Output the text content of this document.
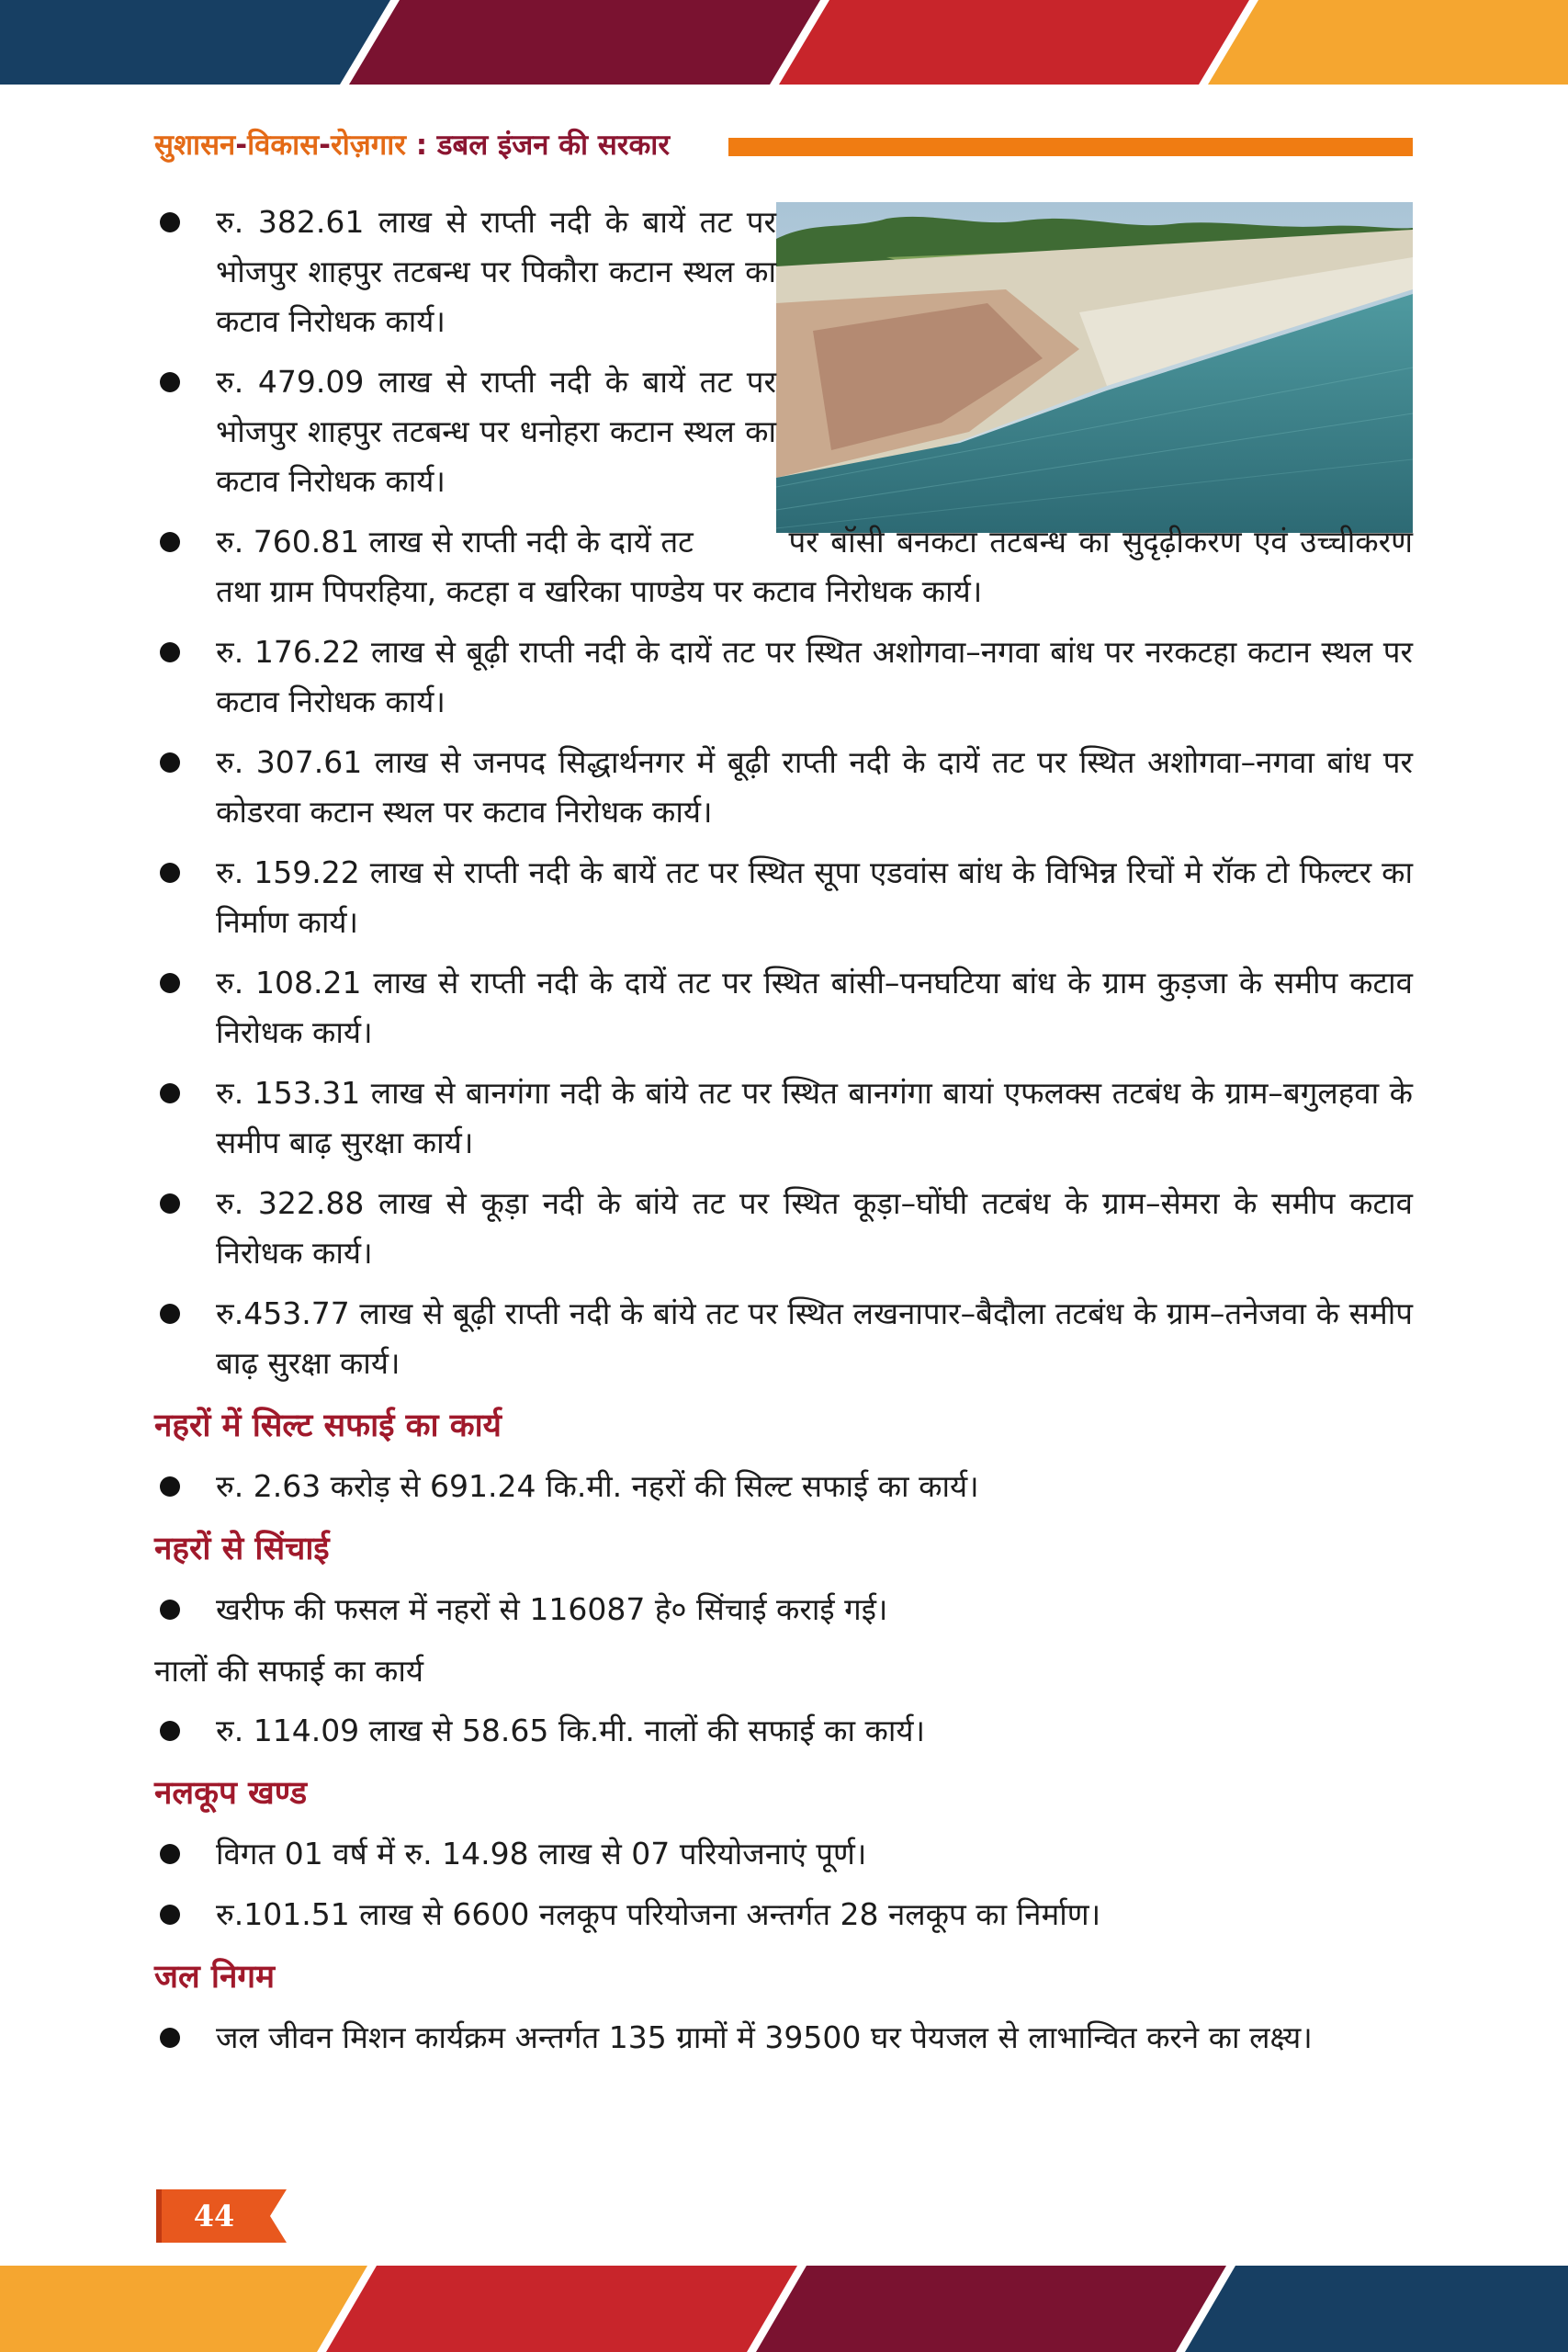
सुशासन-विकास-रोज़गार : डबल इंजन की सरकार
रु. 382.61 लाख से राप्ती नदी के बायें तट पर भोजपुर शाहपुर तटबन्ध पर पिकौरा कटान स्थल का कटाव निरोधक कार्य।
रु. 479.09 लाख से राप्ती नदी के बायें तट पर भोजपुर शाहपुर तटबन्ध पर धनोहरा कटान स्थल का कटाव निरोधक कार्य।
रु. 760.81 लाख से राप्ती नदी के दायें तट	पर बॉसी बनकटा तटबन्ध का सुदृढ़ीकरण एवं उच्चीकरण तथा ग्राम पिपरहिया, कटहा व खरिका पाण्डेय पर कटाव निरोधक कार्य।
रु. 176.22 लाख से बूढ़ी राप्ती नदी के दायें तट पर स्थित अशोगवा–नगवा बांध पर नरकटहा कटान स्थल पर कटाव निरोधक कार्य।
रु. 307.61 लाख से जनपद सिद्धार्थनगर में बूढ़ी राप्ती नदी के दायें तट पर स्थित अशोगवा–नगवा बांध पर कोडरवा कटान स्थल पर कटाव निरोधक कार्य।
रु. 159.22 लाख से राप्ती नदी के बायें तट पर स्थित सूपा एडवांस बांध के विभिन्न रिचों मे रॉक टो फिल्टर का निर्माण कार्य।
रु. 108.21 लाख से राप्ती नदी के दायें तट पर स्थित बांसी–पनघटिया बांध के ग्राम कुड़जा के समीप कटाव निरोधक कार्य।
रु. 153.31 लाख से बानगंगा नदी के बांये तट पर स्थित बानगंगा बायां एफलक्स तटबंध के ग्राम–बगुलहवा के समीप बाढ़ सुरक्षा कार्य।
रु. 322.88 लाख से कूड़ा नदी के बांये तट पर स्थित कूड़ा–घोंघी तटबंध के ग्राम–सेमरा के समीप कटाव निरोधक कार्य।
रु.453.77 लाख से बूढ़ी राप्ती नदी के बांये तट पर स्थित लखनापार–बैदौला तटबंध के ग्राम–तनेजवा के समीप बाढ़ सुरक्षा कार्य।
नहरों में सिल्ट सफाई का कार्य
रु. 2.63 करोड़ से 691.24 कि.मी. नहरों की सिल्ट सफाई का कार्य।
नहरों से सिंचाई
खरीफ की फसल में नहरों से 116087 हे० सिंचाई कराई गई।
नालों की सफाई का कार्य
रु. 114.09 लाख से 58.65 कि.मी. नालों की सफाई का कार्य।
नलकूप खण्ड
विगत 01 वर्ष में रु. 14.98 लाख से 07 परियोजनाएं पूर्ण।
रु.101.51 लाख से 6600 नलकूप परियोजना अन्तर्गत 28 नलकूप का निर्माण।
जल निगम
जल जीवन मिशन कार्यक्रम अन्तर्गत 135 ग्रामों में 39500 घर पेयजल से लाभान्वित करने का लक्ष्य।
44
